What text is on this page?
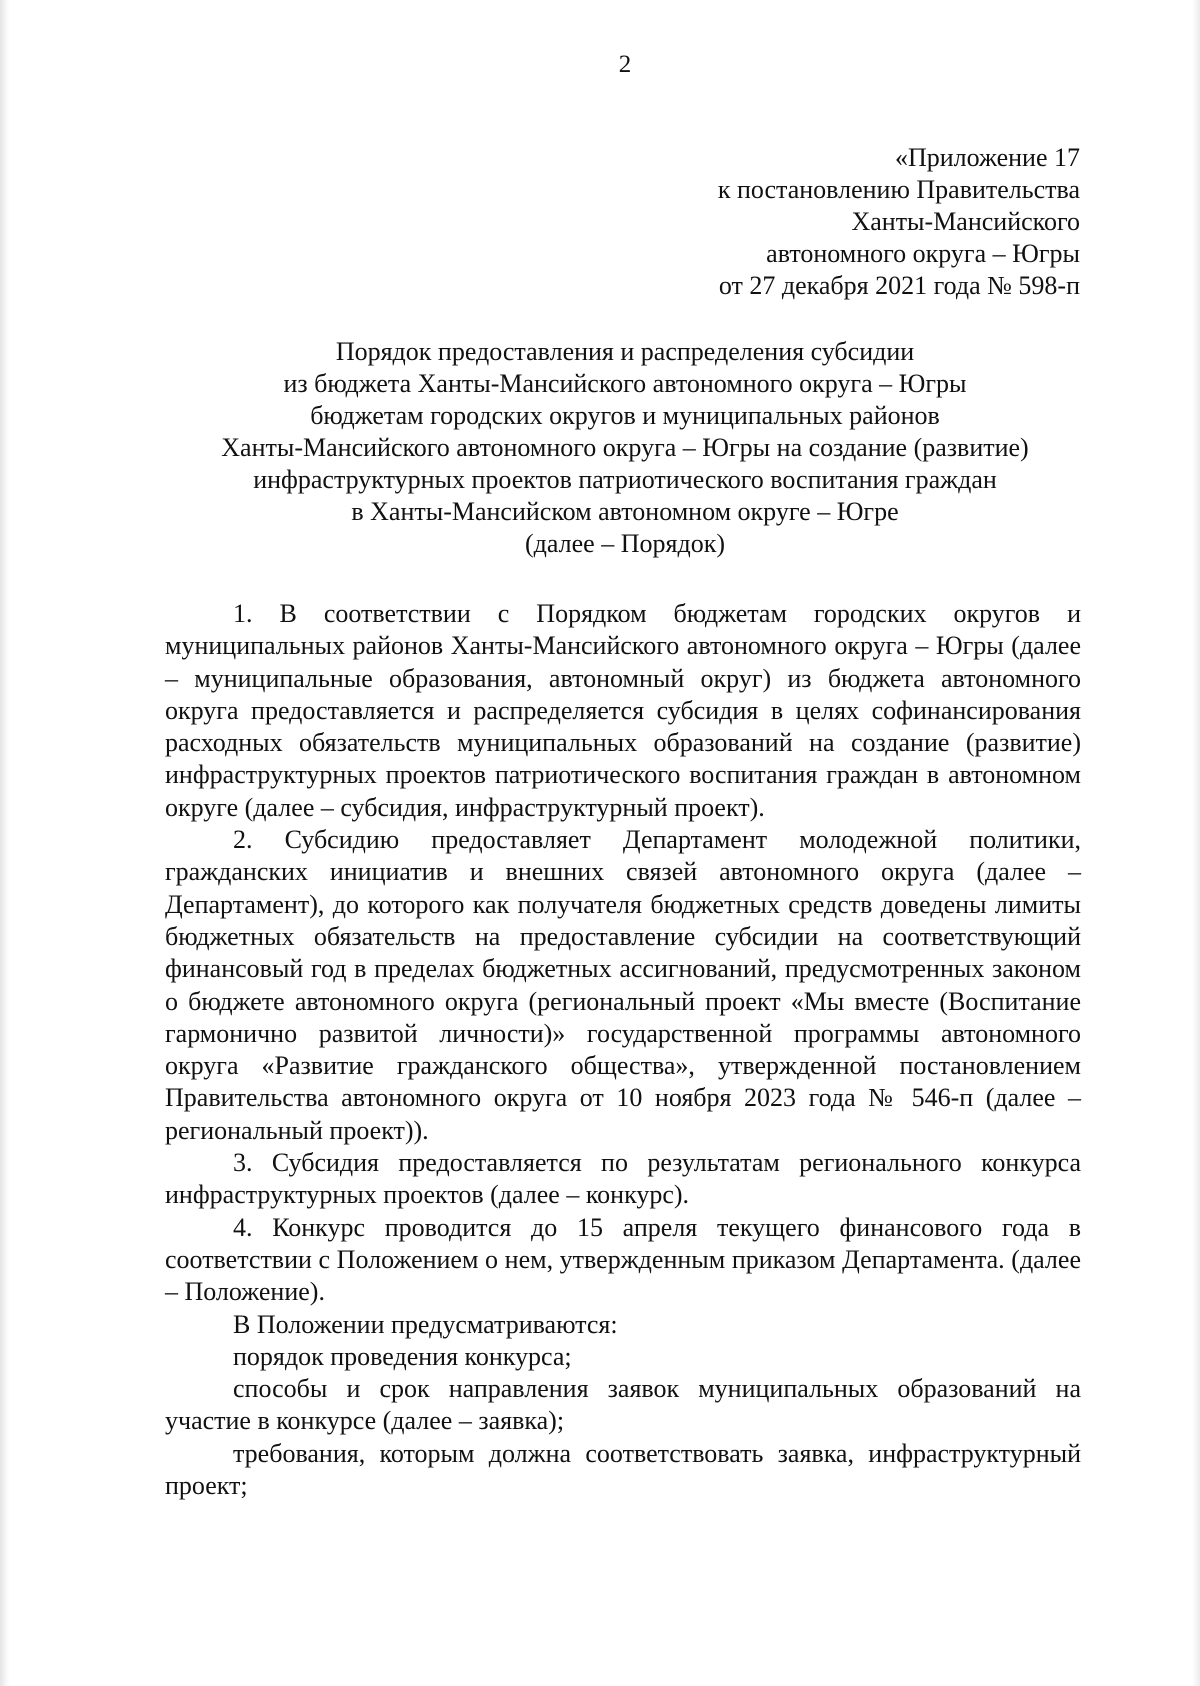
2
«Приложение 17
к постановлению Правительства
Ханты-Мансийского
автономного округа – Югры
от 27 декабря 2021 года № 598-п
Порядок предоставления и распределения субсидии
из бюджета Ханты-Мансийского автономного округа – Югры
бюджетам городских округов и муниципальных районов
Ханты-Мансийского автономного округа – Югры на создание (развитие)
инфраструктурных проектов патриотического воспитания граждан
в Ханты-Мансийском автономном округе – Югре
(далее – Порядок)

1. В соответствии с Порядком бюджетам городских округов и муниципальных районов Ханты-Мансийского автономного округа – Югры (далее – муниципальные образования, автономный округ) из бюджета автономного округа предоставляется и распределяется субсидия в целях софинансирования расходных обязательств муниципальных образований на создание (развитие) инфраструктурных проектов патриотического воспитания граждан в автономном округе (далее – субсидия, инфраструктурный проект).

2. Субсидию предоставляет Департамент молодежной политики, гражданских инициатив и внешних связей автономного округа (далее – Департамент), до которого как получателя бюджетных средств доведены лимиты бюджетных обязательств на предоставление субсидии на соответствующий финансовый год в пределах бюджетных ассигнований, предусмотренных законом о бюджете автономного округа (региональный проект «Мы вместе (Воспитание гармонично развитой личности)» государственной программы автономного округа «Развитие гражданского общества», утвержденной постановлением Правительства автономного округа от 10 ноября 2023 года № 546-п (далее – региональный проект)).

3. Субсидия предоставляется по результатам регионального конкурса инфраструктурных проектов (далее – конкурс).

4. Конкурс проводится до 15 апреля текущего финансового года в соответствии с Положением о нем, утвержденным приказом Департамента. (далее – Положение).

В Положении предусматриваются:

порядок проведения конкурса;

способы и срок направления заявок муниципальных образований на участие в конкурсе (далее – заявка);

требования, которым должна соответствовать заявка, инфраструктурный проект;
